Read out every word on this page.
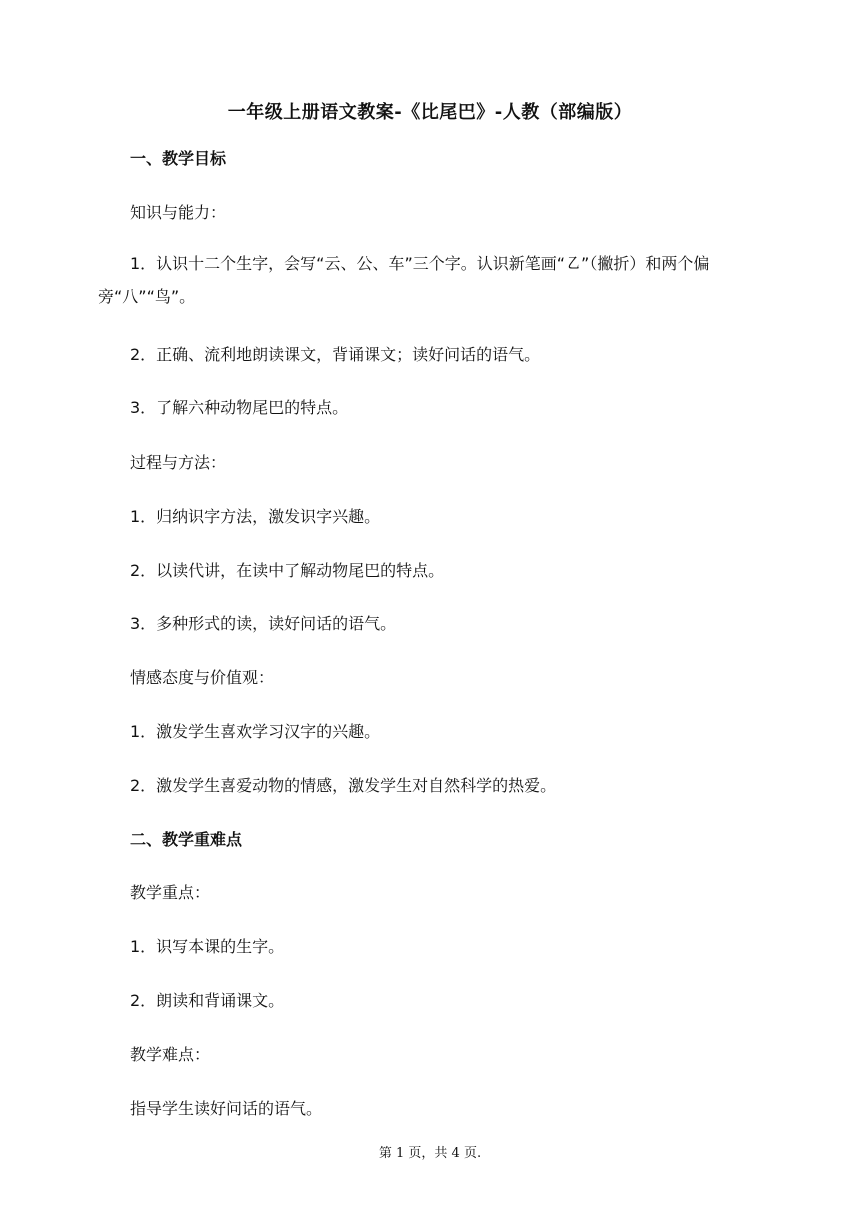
一年级上册语文教案-《比尾巴》-人教（部编版）
一、教学目标
知识与能力：
1．认识十二个生字，会写“云、公、车”三个字。认识新笔画“㇠”（撇折）和两个偏旁“八”“鸟”。
2．正确、流利地朗读课文，背诵课文；读好问话的语气。
3．了解六种动物尾巴的特点。
过程与方法：
1．归纳识字方法，激发识字兴趣。
2．以读代讲，在读中了解动物尾巴的特点。
3．多种形式的读，读好问话的语气。
情感态度与价值观：
1．激发学生喜欢学习汉字的兴趣。
2．激发学生喜爱动物的情感，激发学生对自然科学的热爱。
二、教学重难点
教学重点：
1．识写本课的生字。
2．朗读和背诵课文。
教学难点：
指导学生读好问话的语气。
第 1 页，共 4 页.
